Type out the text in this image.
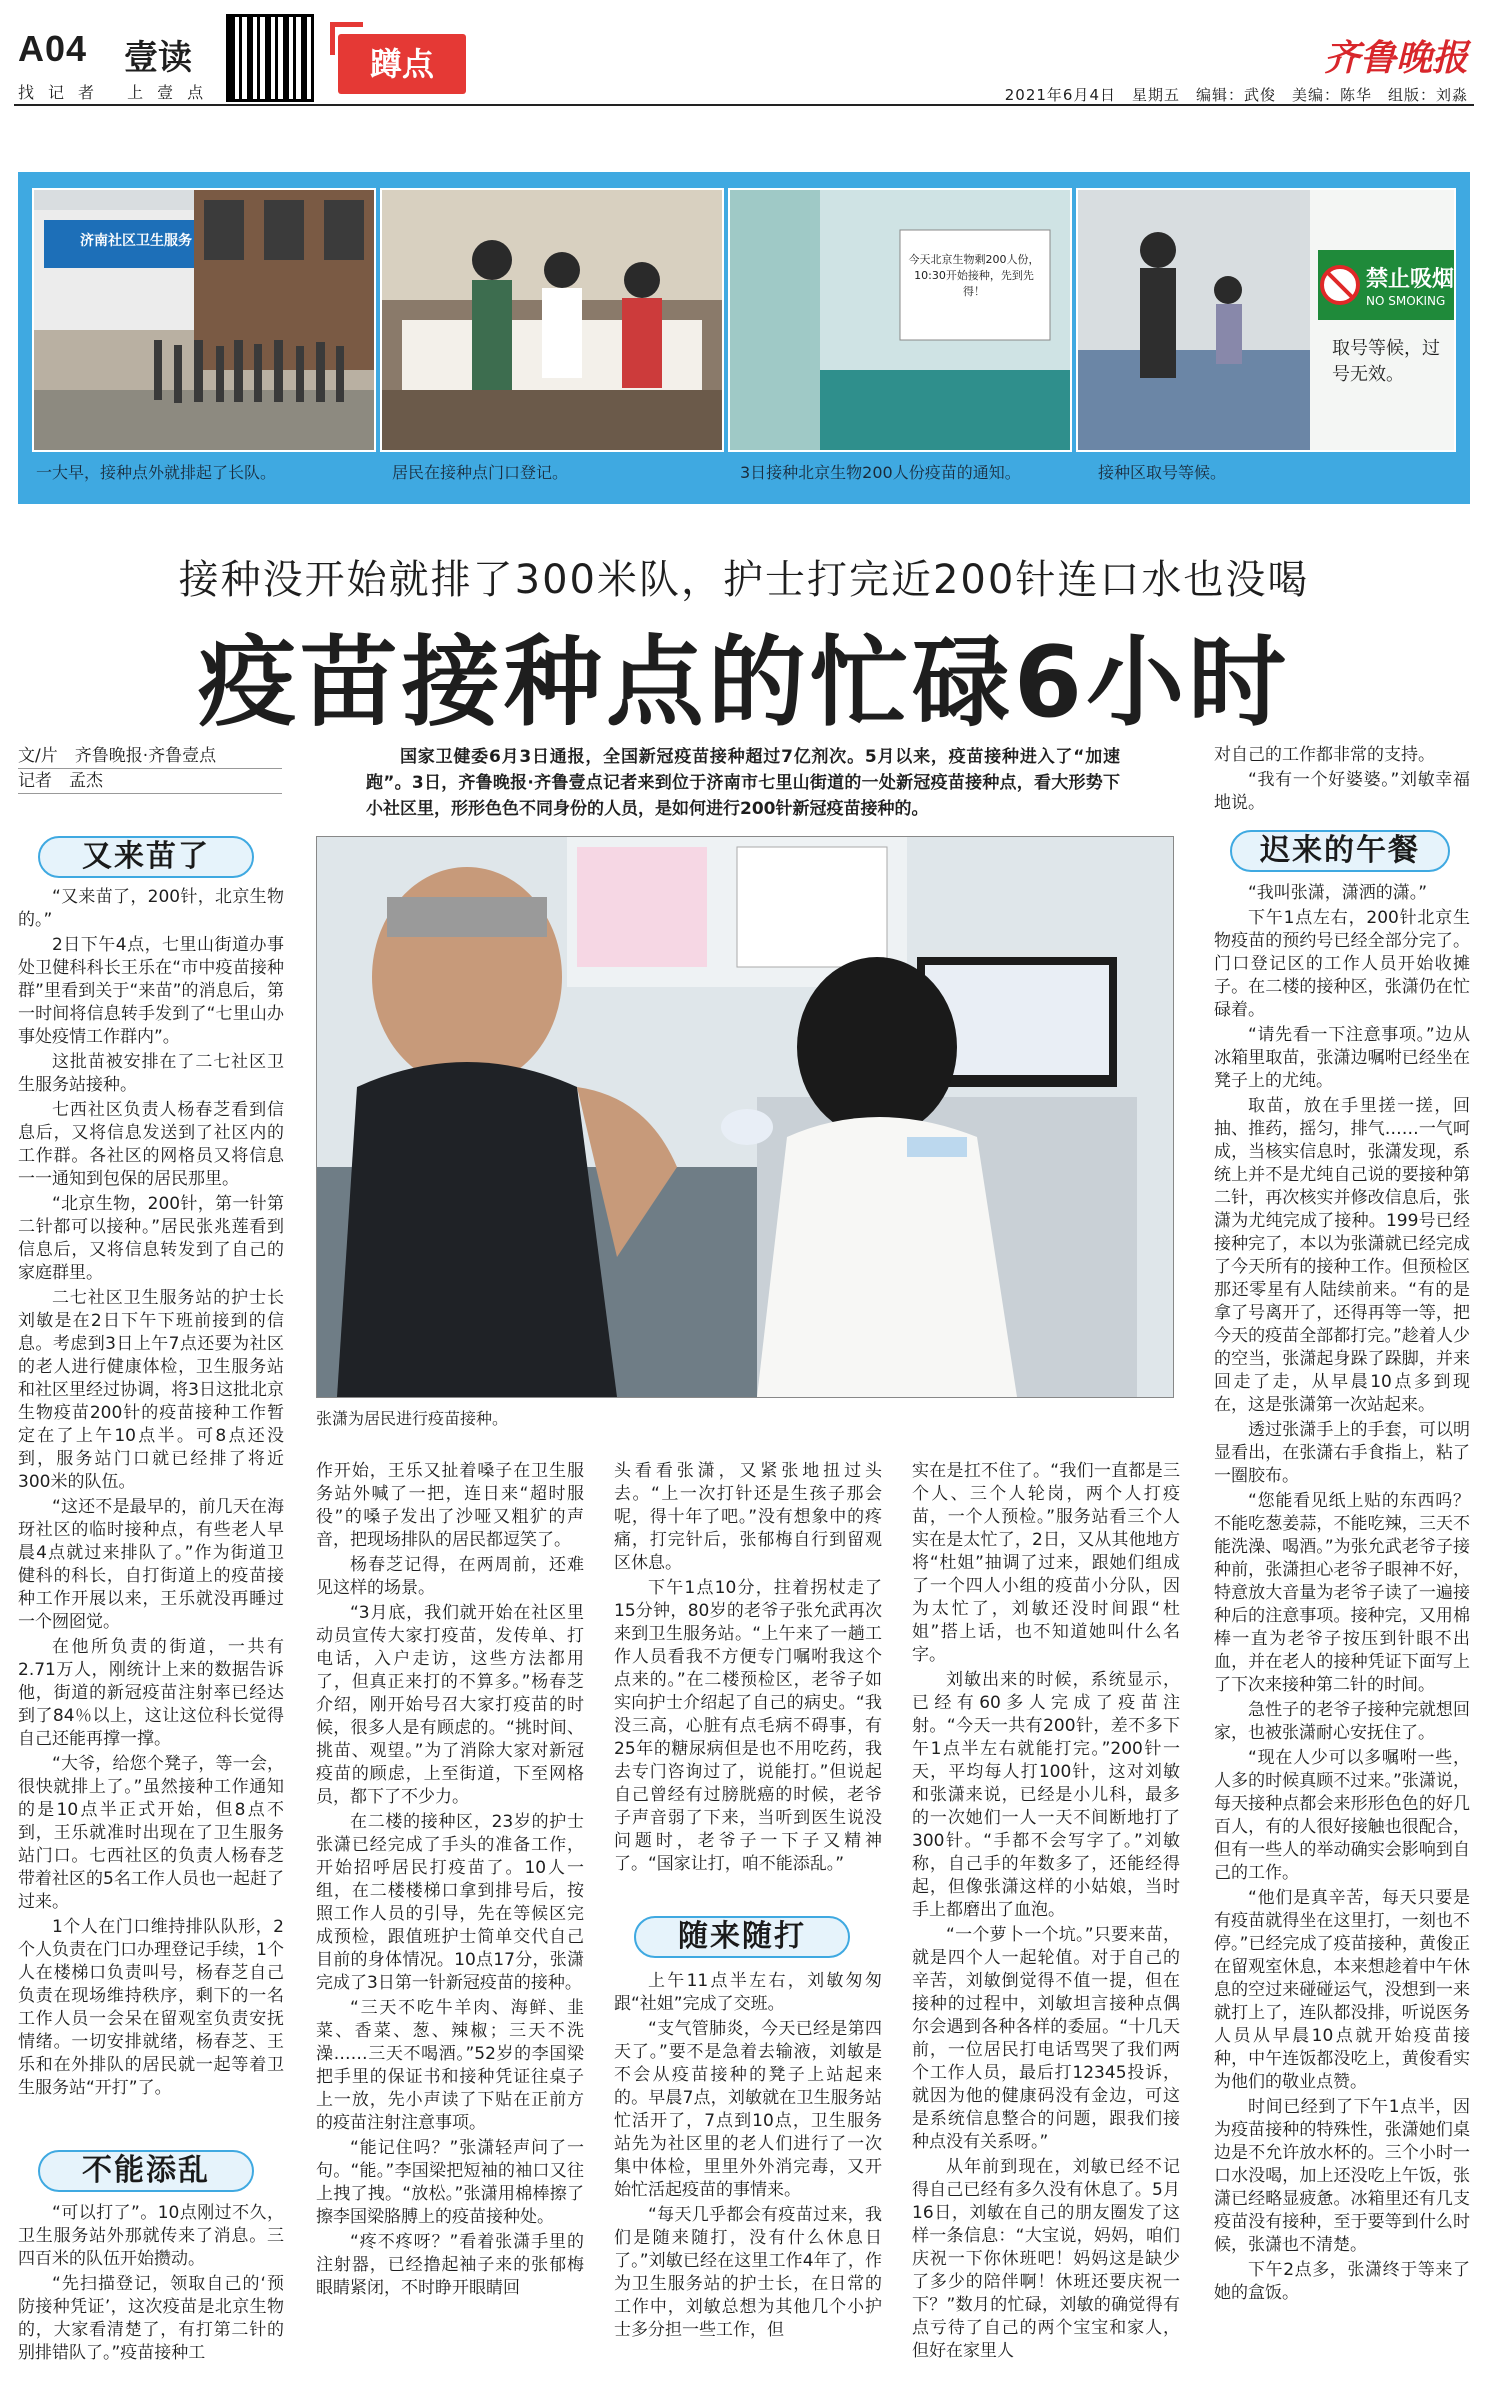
A04 壹读
找记者 上壹点
蹲点	齐鲁晚报
2021年6月4日　星期五　编辑：武俊　美编：陈华　组版：刘淼
济南社区卫生服务
今天北京生物剩200人份，10:30开始接种，先到先得！	禁止吸烟
NO SMOKING
取号等候，过号无效。
一大早，接种点外就排起了长队。	居民在接种点门口登记。	3日接种北京生物200人份疫苗的通知。	接种区取号等候。
接种没开始就排了300米队，护士打完近200针连口水也没喝
疫苗接种点的忙碌6小时
文/片　齐鲁晚报·齐鲁壹点
记者　孟杰
国家卫健委6月3日通报，全国新冠疫苗接种超过7亿剂次。5月以来，疫苗接种进入了“加速跑”。3日，齐鲁晚报·齐鲁壹点记者来到位于济南市七里山街道的一处新冠疫苗接种点，看大形势下小社区里，形形色色不同身份的人员，是如何进行200针新冠疫苗接种的。
张潇为居民进行疫苗接种。
又来苗了
不能添乱
随来随打
迟来的午餐

“又来苗了，200针，北京生物的。”

2日下午4点，七里山街道办事处卫健科科长王乐在“市中疫苗接种群”里看到关于“来苗”的消息后，第一时间将信息转手发到了“七里山办事处疫情工作群内”。

这批苗被安排在了二七社区卫生服务站接种。

七西社区负责人杨春芝看到信息后，又将信息发送到了社区内的工作群。各社区的网格员又将信息一一通知到包保的居民那里。

“北京生物，200针，第一针第二针都可以接种。”居民张兆莲看到信息后，又将信息转发到了自己的家庭群里。

二七社区卫生服务站的护士长刘敏是在2日下午下班前接到的信息。考虑到3日上午7点还要为社区的老人进行健康体检，卫生服务站和社区里经过协调，将3日这批北京生物疫苗200针的疫苗接种工作暂定在了上午10点半。可8点还没到，服务站门口就已经排了将近300米的队伍。

“这还不是最早的，前几天在海玡社区的临时接种点，有些老人早晨4点就过来排队了。”作为街道卫健科的科长，自打街道上的疫苗接种工作开展以来，王乐就没再睡过一个囫囵觉。

在他所负责的街道，一共有2.71万人，刚统计上来的数据告诉他，街道的新冠疫苗注射率已经达到了84％以上，这让这位科长觉得自己还能再撑一撑。

“大爷，给您个凳子，等一会，很快就排上了。”虽然接种工作通知的是10点半正式开始，但8点不到，王乐就准时出现在了卫生服务站门口。七西社区的负责人杨春芝带着社区的5名工作人员也一起赶了过来。

1个人在门口维持排队队形，2个人负责在门口办理登记手续，1个人在楼梯口负责叫号，杨春芝自己负责在现场维持秩序，剩下的一名工作人员一会呆在留观室负责安抚情绪。一切安排就绪，杨春芝、王乐和在外排队的居民就一起等着卫生服务站“开打”了。

“可以打了”。10点刚过不久，卫生服务站外那就传来了消息。三四百米的队伍开始攒动。

“先扫描登记，领取自己的‘预防接种凭证’，这次疫苗是北京生物的，大家看清楚了，有打第二针的别排错队了。”疫苗接种工

作开始，王乐又扯着嗓子在卫生服务站外喊了一把，连日来“超时服役”的嗓子发出了沙哑又粗犷的声音，把现场排队的居民都逗笑了。

杨春芝记得，在两周前，还难见这样的场景。

“3月底，我们就开始在社区里动员宣传大家打疫苗，发传单、打电话，入户走访，这些方法都用了，但真正来打的不算多。”杨春芝介绍，刚开始号召大家打疫苗的时候，很多人是有顾虑的。“挑时间、挑苗、观望。”为了消除大家对新冠疫苗的顾虑，上至街道，下至网格员，都下了不少力。

在二楼的接种区，23岁的护士张潇已经完成了手头的准备工作，开始招呼居民打疫苗了。10人一组，在二楼楼梯口拿到排号后，按照工作人员的引导，先在等候区完成预检，跟值班护士简单交代自己目前的身体情况。10点17分，张潇完成了3日第一针新冠疫苗的接种。

“三天不吃牛羊肉、海鲜、韭菜、香菜、葱、辣椒；三天不洗澡……三天不喝酒。”52岁的李国梁把手里的保证书和接种凭证往桌子上一放，先小声读了下贴在正前方的疫苗注射注意事项。

“能记住吗？”张潇轻声问了一句。“能。”李国梁把短袖的袖口又往上拽了拽。“放松。”张潇用棉棒擦了擦李国梁胳膊上的疫苗接种处。

“疼不疼呀？”看着张潇手里的注射器，已经撸起袖子来的张郁梅眼睛紧闭，不时睁开眼睛回

头看看张潇，又紧张地扭过头去。“上一次打针还是生孩子那会呢，得十年了吧。”没有想象中的疼痛，打完针后，张郁梅自行到留观区休息。

下午1点10分，拄着拐杖走了15分钟，80岁的老爷子张允武再次来到卫生服务站。“上午来了一趟工作人员看我不方便专门嘱咐我这个点来的。”在二楼预检区，老爷子如实向护士介绍起了自己的病史。“我没三高，心脏有点毛病不碍事，有25年的糖尿病但是也不用吃药，我去专门咨询过了，说能打。”但说起自己曾经有过膀胱癌的时候，老爷子声音弱了下来，当听到医生说没问题时，老爷子一下子又精神了。“国家让打，咱不能添乱。”

上午11点半左右，刘敏匆匆跟“社姐”完成了交班。

“支气管肺炎，今天已经是第四天了。”要不是急着去输液，刘敏是不会从疫苗接种的凳子上站起来的。早晨7点，刘敏就在卫生服务站忙活开了，7点到10点，卫生服务站先为社区里的老人们进行了一次集中体检，里里外外消完毒，又开始忙活起疫苗的事情来。

“每天几乎都会有疫苗过来，我们是随来随打，没有什么休息日了。”刘敏已经在这里工作4年了，作为卫生服务站的护士长，在日常的工作中，刘敏总想为其他几个小护士多分担一些工作，但

实在是扛不住了。“我们一直都是三个人、三个人轮岗，两个人打疫苗，一个人预检。”服务站看三个人实在是太忙了，2日，又从其他地方将“杜姐”抽调了过来，跟她们组成了一个四人小组的疫苗小分队，因为太忙了，刘敏还没时间跟“杜姐”搭上话，也不知道她叫什么名字。

刘敏出来的时候，系统显示，已经有60多人完成了疫苗注射。“今天一共有200针，差不多下午1点半左右就能打完。”200针一天，平均每人打100针，这对刘敏和张潇来说，已经是小儿科，最多的一次她们一人一天不间断地打了300针。“手都不会写字了。”刘敏称，自己手的年数多了，还能经得起，但像张潇这样的小姑娘，当时手上都磨出了血泡。

“一个萝卜一个坑。”只要来苗，就是四个人一起轮值。对于自己的辛苦，刘敏倒觉得不值一提，但在接种的过程中，刘敏坦言接种点偶尔会遇到各种各样的委屈。“十几天前，一位居民打电话骂哭了我们两个工作人员，最后打12345投诉，就因为他的健康码没有金边，可这是系统信息整合的问题，跟我们接种点没有关系呀。”

从年前到现在，刘敏已经不记得自己已经有多久没有休息了。5月16日，刘敏在自己的朋友圈发了这样一条信息：“大宝说，妈妈，咱们庆祝一下你休班吧！妈妈这是缺少了多少的陪伴啊！休班还要庆祝一下？”数月的忙碌，刘敏的确觉得有点亏待了自己的两个宝宝和家人，但好在家里人

对自己的工作都非常的支持。

“我有一个好婆婆。”刘敏幸福地说。

“我叫张潇，潇洒的潇。”

下午1点左右，200针北京生物疫苗的预约号已经全部分完了。门口登记区的工作人员开始收摊子。在二楼的接种区，张潇仍在忙碌着。

“请先看一下注意事项。”边从冰箱里取苗，张潇边嘱咐已经坐在凳子上的尤纯。

取苗，放在手里搓一搓，回抽、推药，摇匀，排气……一气呵成，当核实信息时，张潇发现，系统上并不是尤纯自己说的要接种第二针，再次核实并修改信息后，张潇为尤纯完成了接种。199号已经接种完了，本以为张潇就已经完成了今天所有的接种工作。但预检区那还零星有人陆续前来。“有的是拿了号离开了，还得再等一等，把今天的疫苗全部都打完。”趁着人少的空当，张潇起身跺了跺脚，并来回走了走，从早晨10点多到现在，这是张潇第一次站起来。

透过张潇手上的手套，可以明显看出，在张潇右手食指上，粘了一圈胶布。

“您能看见纸上贴的东西吗？不能吃葱姜蒜，不能吃辣，三天不能洗澡、喝酒。”为张允武老爷子接种前，张潇担心老爷子眼神不好，特意放大音量为老爷子读了一遍接种后的注意事项。接种完，又用棉棒一直为老爷子按压到针眼不出血，并在老人的接种凭证下面写上了下次来接种第二针的时间。

急性子的老爷子接种完就想回家，也被张潇耐心安抚住了。

“现在人少可以多嘱咐一些，人多的时候真顾不过来。”张潇说，每天接种点都会来形形色色的好几百人，有的人很好接触也很配合，但有一些人的举动确实会影响到自己的工作。

“他们是真辛苦，每天只要是有疫苗就得坐在这里打，一刻也不停。”已经完成了疫苗接种，黄俊正在留观室休息，本来想趁着中午休息的空过来碰碰运气，没想到一来就打上了，连队都没排，听说医务人员从早晨10点就开始疫苗接种，中午连饭都没吃上，黄俊看实为他们的敬业点赞。

时间已经到了下午1点半，因为疫苗接种的特殊性，张潇她们桌边是不允许放水杯的。三个小时一口水没喝，加上还没吃上午饭，张潇已经略显疲惫。冰箱里还有几支疫苗没有接种，至于要等到什么时候，张潇也不清楚。

下午2点多，张潇终于等来了她的盒饭。
